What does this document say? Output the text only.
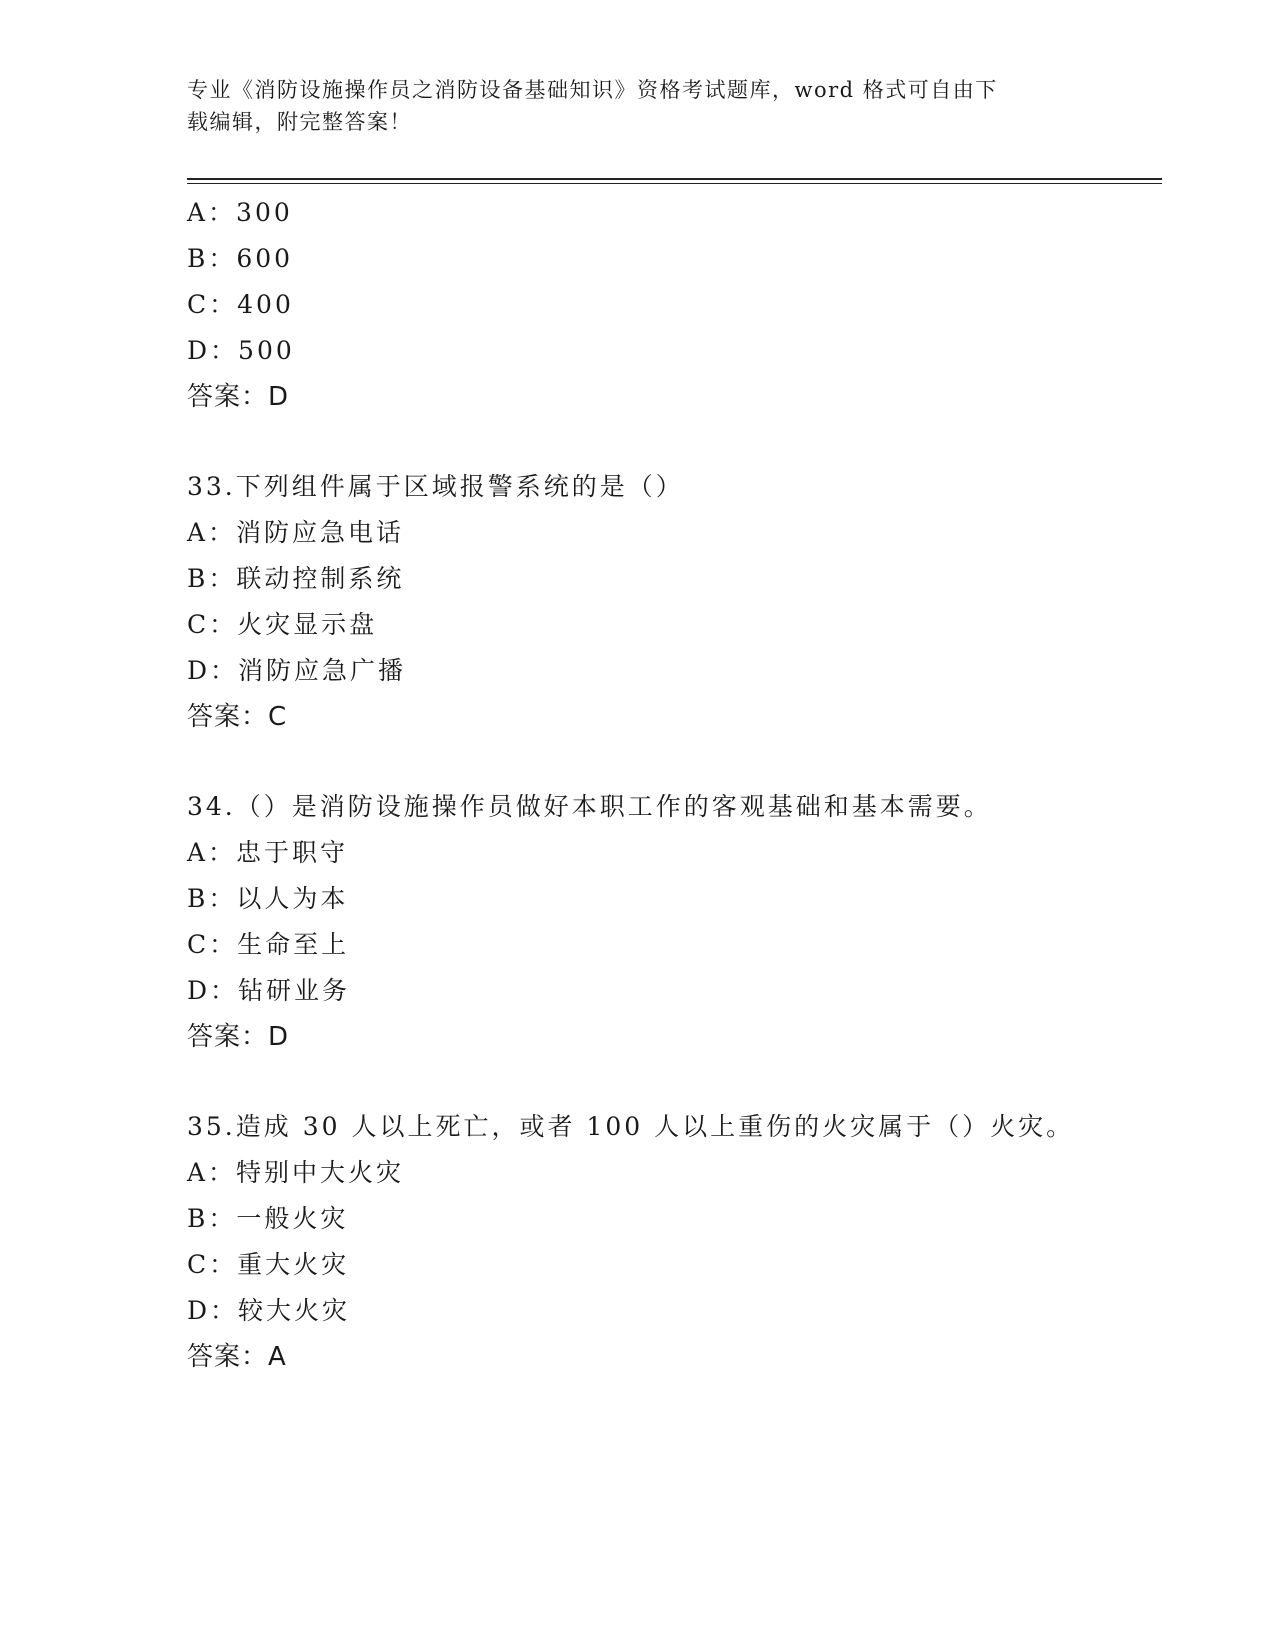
专业《消防设施操作员之消防设备基础知识》资格考试题库，word 格式可自由下
载编辑，附完整答案！
A：300
B：600
C：400
D：500
答案：D
33.下列组件属于区域报警系统的是（）
A：消防应急电话
B：联动控制系统
C：火灾显示盘
D：消防应急广播
答案：C
34.（）是消防设施操作员做好本职工作的客观基础和基本需要。
A：忠于职守
B：以人为本
C：生命至上
D：钻研业务
答案：D
35.造成 30 人以上死亡，或者 100 人以上重伤的火灾属于（）火灾。
A：特别中大火灾
B：一般火灾
C：重大火灾
D：较大火灾
答案：A
